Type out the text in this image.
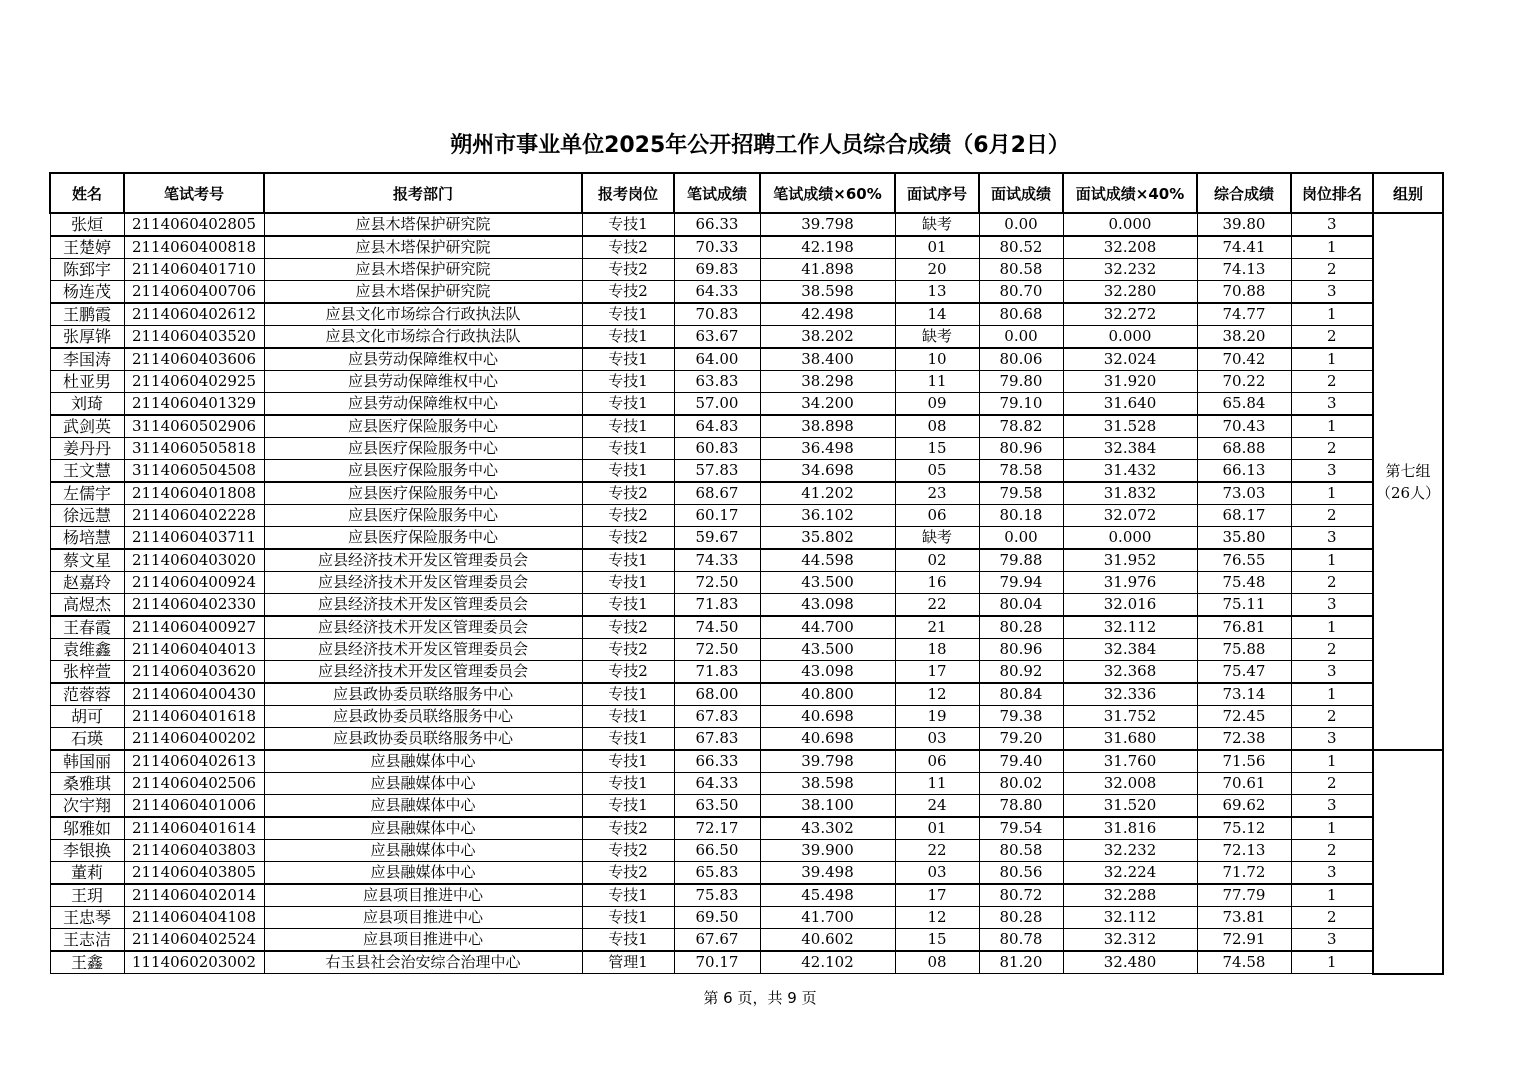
朔州市事业单位2025年公开招聘工作人员综合成绩（6月2日）
姓名	笔试考号	报考部门	报考岗位	笔试成绩	笔试成绩×60%	面试序号	面试成绩	面试成绩×40%	综合成绩	岗位排名	组别
张烜	2114060402805	应县木塔保护研究院	专技1	66.33	39.798	缺考	0.00	0.000	39.80	3	第七组
（26人）

王楚婷	2114060400818	应县木塔保护研究院	专技2	70.33	42.198	01	80.52	32.208	74.41	1	
陈郅宇	2114060401710	应县木塔保护研究院	专技2	69.83	41.898	20	80.58	32.232	74.13	2	
杨连茂	2114060400706	应县木塔保护研究院	专技2	64.33	38.598	13	80.70	32.280	70.88	3	
王鹏霞	2114060402612	应县文化市场综合行政执法队	专技1	70.83	42.498	14	80.68	32.272	74.77	1	
张厚铧	2114060403520	应县文化市场综合行政执法队	专技1	63.67	38.202	缺考	0.00	0.000	38.20	2	
李国涛	2114060403606	应县劳动保障维权中心	专技1	64.00	38.400	10	80.06	32.024	70.42	1	
杜亚男	2114060402925	应县劳动保障维权中心	专技1	63.83	38.298	11	79.80	31.920	70.22	2	
刘琦	2114060401329	应县劳动保障维权中心	专技1	57.00	34.200	09	79.10	31.640	65.84	3	
武剑英	3114060502906	应县医疗保险服务中心	专技1	64.83	38.898	08	78.82	31.528	70.43	1	
姜丹丹	3114060505818	应县医疗保险服务中心	专技1	60.83	36.498	15	80.96	32.384	68.88	2	
王文慧	3114060504508	应县医疗保险服务中心	专技1	57.83	34.698	05	78.58	31.432	66.13	3	
左儒宇	2114060401808	应县医疗保险服务中心	专技2	68.67	41.202	23	79.58	31.832	73.03	1	
徐远慧	2114060402228	应县医疗保险服务中心	专技2	60.17	36.102	06	80.18	32.072	68.17	2	
杨培慧	2114060403711	应县医疗保险服务中心	专技2	59.67	35.802	缺考	0.00	0.000	35.80	3	
蔡文星	2114060403020	应县经济技术开发区管理委员会	专技1	74.33	44.598	02	79.88	31.952	76.55	1	
赵嘉玲	2114060400924	应县经济技术开发区管理委员会	专技1	72.50	43.500	16	79.94	31.976	75.48	2	
高煜杰	2114060402330	应县经济技术开发区管理委员会	专技1	71.83	43.098	22	80.04	32.016	75.11	3	
王春霞	2114060400927	应县经济技术开发区管理委员会	专技2	74.50	44.700	21	80.28	32.112	76.81	1	
袁维鑫	2114060404013	应县经济技术开发区管理委员会	专技2	72.50	43.500	18	80.96	32.384	75.88	2	
张梓萱	2114060403620	应县经济技术开发区管理委员会	专技2	71.83	43.098	17	80.92	32.368	75.47	3	
范蓉蓉	2114060400430	应县政协委员联络服务中心	专技1	68.00	40.800	12	80.84	32.336	73.14	1	
胡可	2114060401618	应县政协委员联络服务中心	专技1	67.83	40.698	19	79.38	31.752	72.45	2	
石瑛	2114060400202	应县政协委员联络服务中心	专技1	67.83	40.698	03	79.20	31.680	72.38	3	
韩国丽	2114060402613	应县融媒体中心	专技1	66.33	39.798	06	79.40	31.760	71.56	1	
桑雅琪	2114060402506	应县融媒体中心	专技1	64.33	38.598	11	80.02	32.008	70.61	2	
次宇翔	2114060401006	应县融媒体中心	专技1	63.50	38.100	24	78.80	31.520	69.62	3	
邬雅如	2114060401614	应县融媒体中心	专技2	72.17	43.302	01	79.54	31.816	75.12	1	
李银换	2114060403803	应县融媒体中心	专技2	66.50	39.900	22	80.58	32.232	72.13	2	
董莉	2114060403805	应县融媒体中心	专技2	65.83	39.498	03	80.56	32.224	71.72	3	
王玥	2114060402014	应县项目推进中心	专技1	75.83	45.498	17	80.72	32.288	77.79	1	
王忠琴	2114060404108	应县项目推进中心	专技1	69.50	41.700	12	80.28	32.112	73.81	2	
王志洁	2114060402524	应县项目推进中心	专技1	67.67	40.602	15	80.78	32.312	72.91	3	
王鑫	1114060203002	右玉县社会治安综合治理中心	管理1	70.17	42.102	08	81.20	32.480	74.58	1	
第 6 页，共 9 页
